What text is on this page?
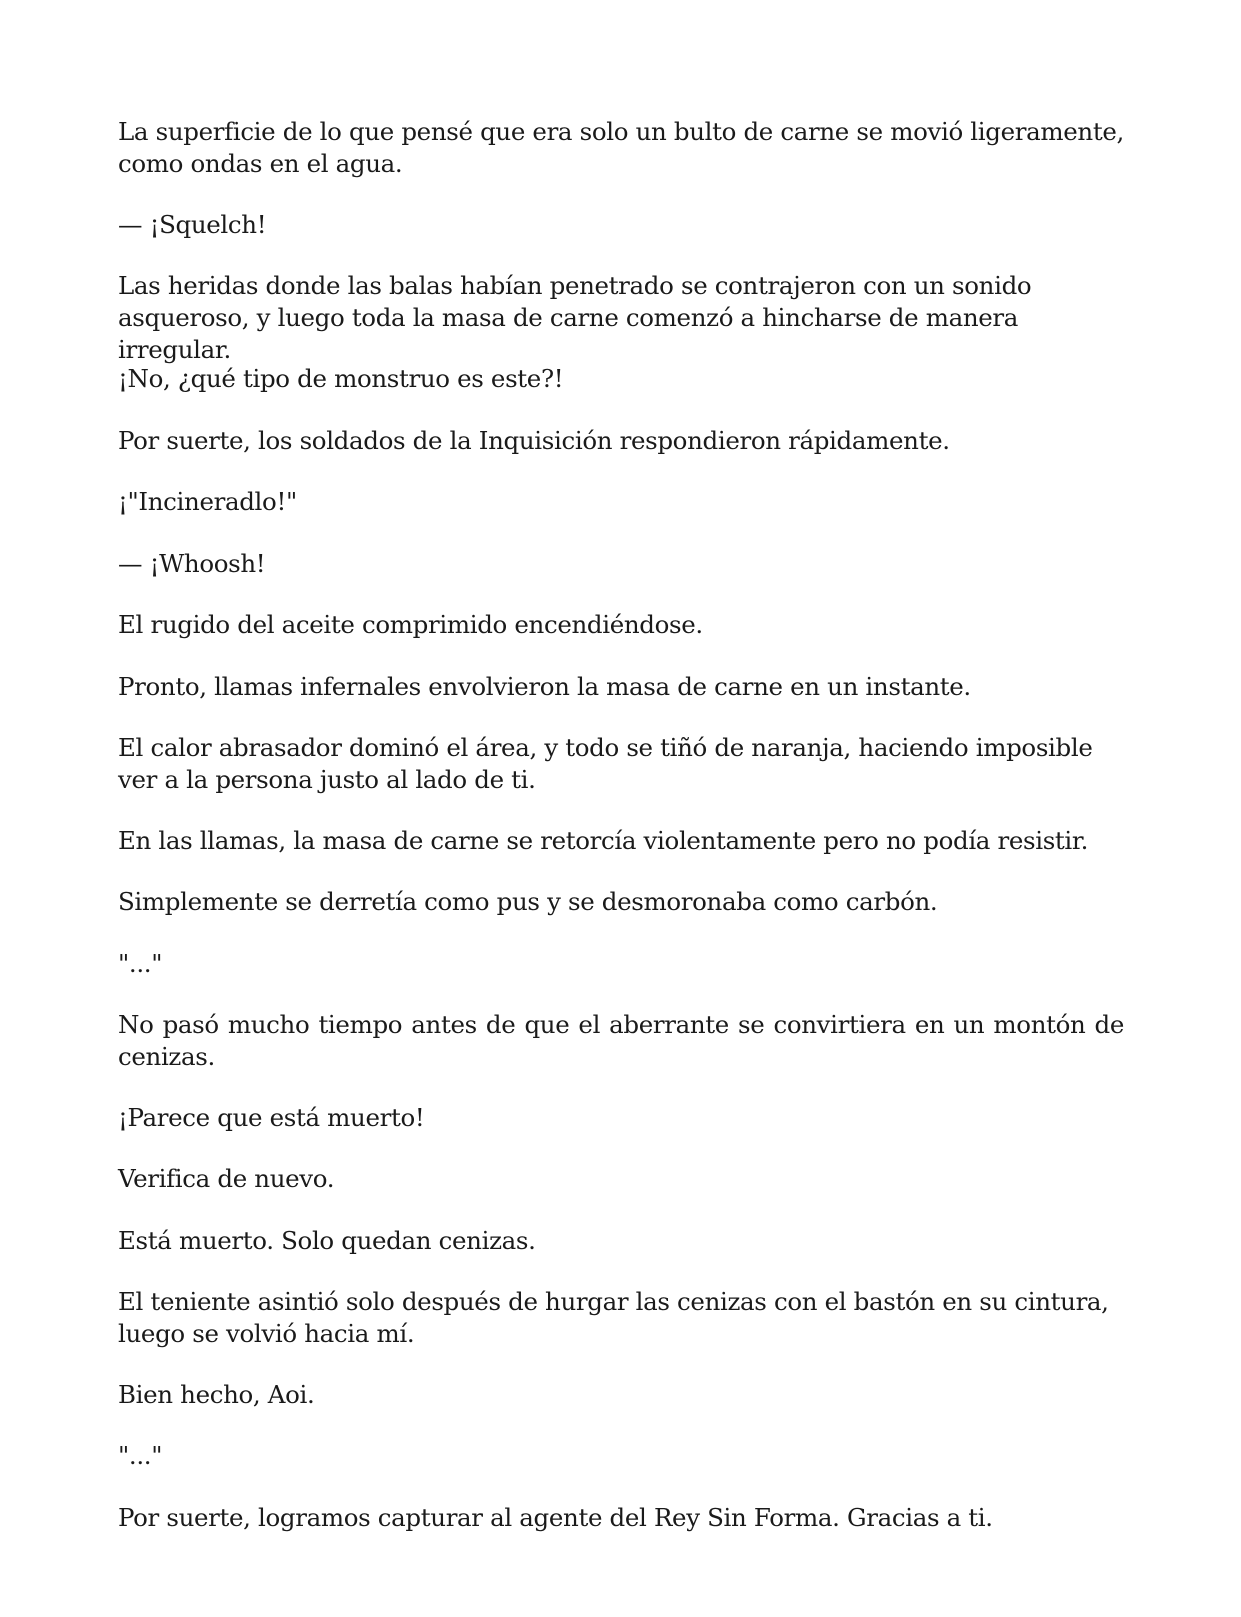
La superficie de lo que pensé que era solo un bulto de carne se movió ligeramente, como ondas en el agua.

— ¡Squelch!

Las heridas donde las balas habían penetrado se contrajeron con un sonido asqueroso, y luego toda la masa de carne comenzó a hincharse de manera irregular.

¡No, ¿qué tipo de monstruo es este?!

Por suerte, los soldados de la Inquisición respondieron rápidamente.

¡"Incineradlo!"

— ¡Whoosh!

El rugido del aceite comprimido encendiéndose.

Pronto, llamas infernales envolvieron la masa de carne en un instante.

El calor abrasador dominó el área, y todo se tiñó de naranja, haciendo imposible ver a la persona justo al lado de ti.

En las llamas, la masa de carne se retorcía violentamente pero no podía resistir.

Simplemente se derretía como pus y se desmoronaba como carbón.

"..."

No pasó mucho tiempo antes de que el aberrante se convirtiera en un montón de cenizas.

¡Parece que está muerto!

Verifica de nuevo.

Está muerto. Solo quedan cenizas.

El teniente asintió solo después de hurgar las cenizas con el bastón en su cintura, luego se volvió hacia mí.

Bien hecho, Aoi.

"..."

Por suerte, logramos capturar al agente del Rey Sin Forma. Gracias a ti.
